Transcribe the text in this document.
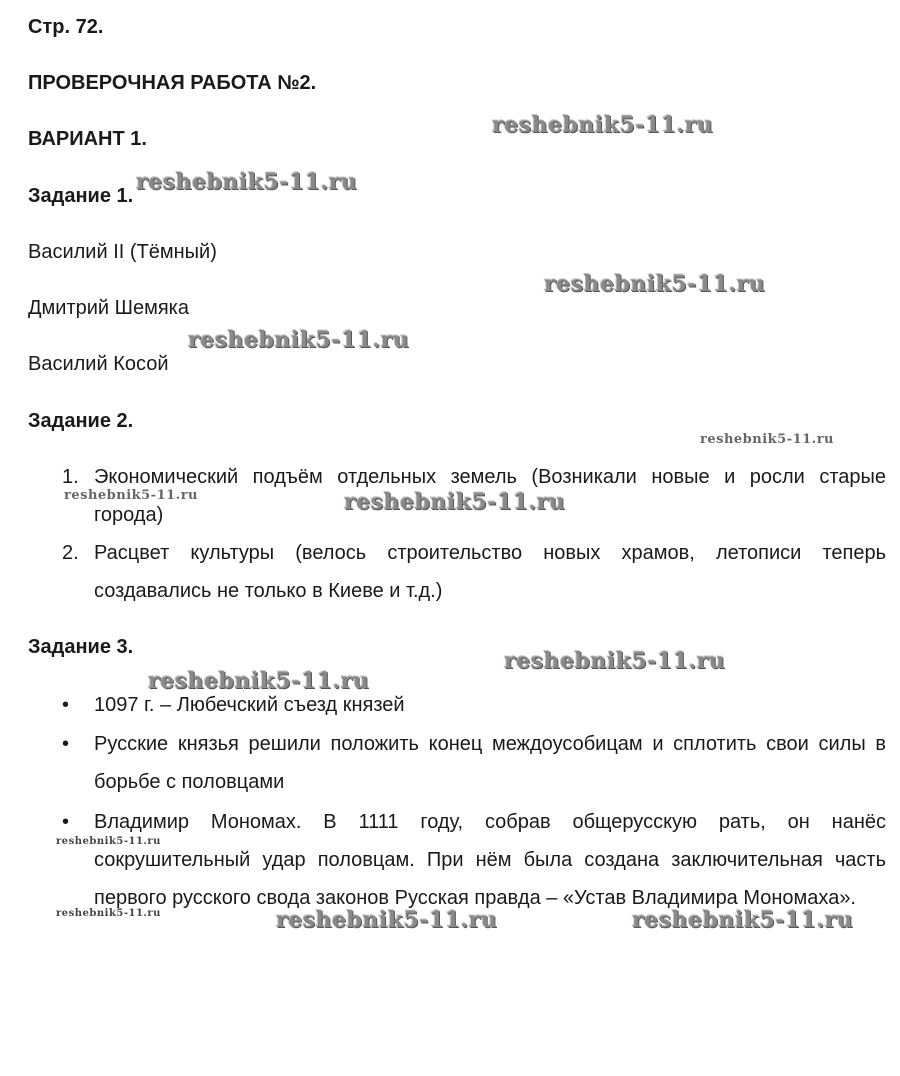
Стр. 72.

ПРОВЕРОЧНАЯ РАБОТА №2.

ВАРИАНТ 1.

Задание 1.

Василий II (Тёмный)

Дмитрий Шемяка

Василий Косой

Задание 2.

1. Экономический подъём отдельных земель (Возникали новые и росли старые города)
2. Расцвет культуры (велось строительство новых храмов, летописи теперь создавались не только в Киеве и т.д.)

Задание 3.

• 1097 г. – Любечский съезд князей
• Русские князья решили положить конец междоусобицам и сплотить свои силы в борьбе с половцами
• Владимир Мономах. В 1111 году, собрав общерусскую рать, он нанёс сокрушительный удар половцам. При нём была создана заключительная часть первого русского свода законов Русская правда – «Устав Владимира Мономаха».
reshebnik5-11.ru
reshebnik5-11.ru
reshebnik5-11.ru
reshebnik5-11.ru
reshebnik5-11.ru
reshebnik5-11.ru	reshebnik5-11.ru
reshebnik5-11.ru
reshebnik5-11.ru
reshebnik5-11.ru
reshebnik5-11.ru	reshebnik5-11.ru	reshebnik5-11.ru
